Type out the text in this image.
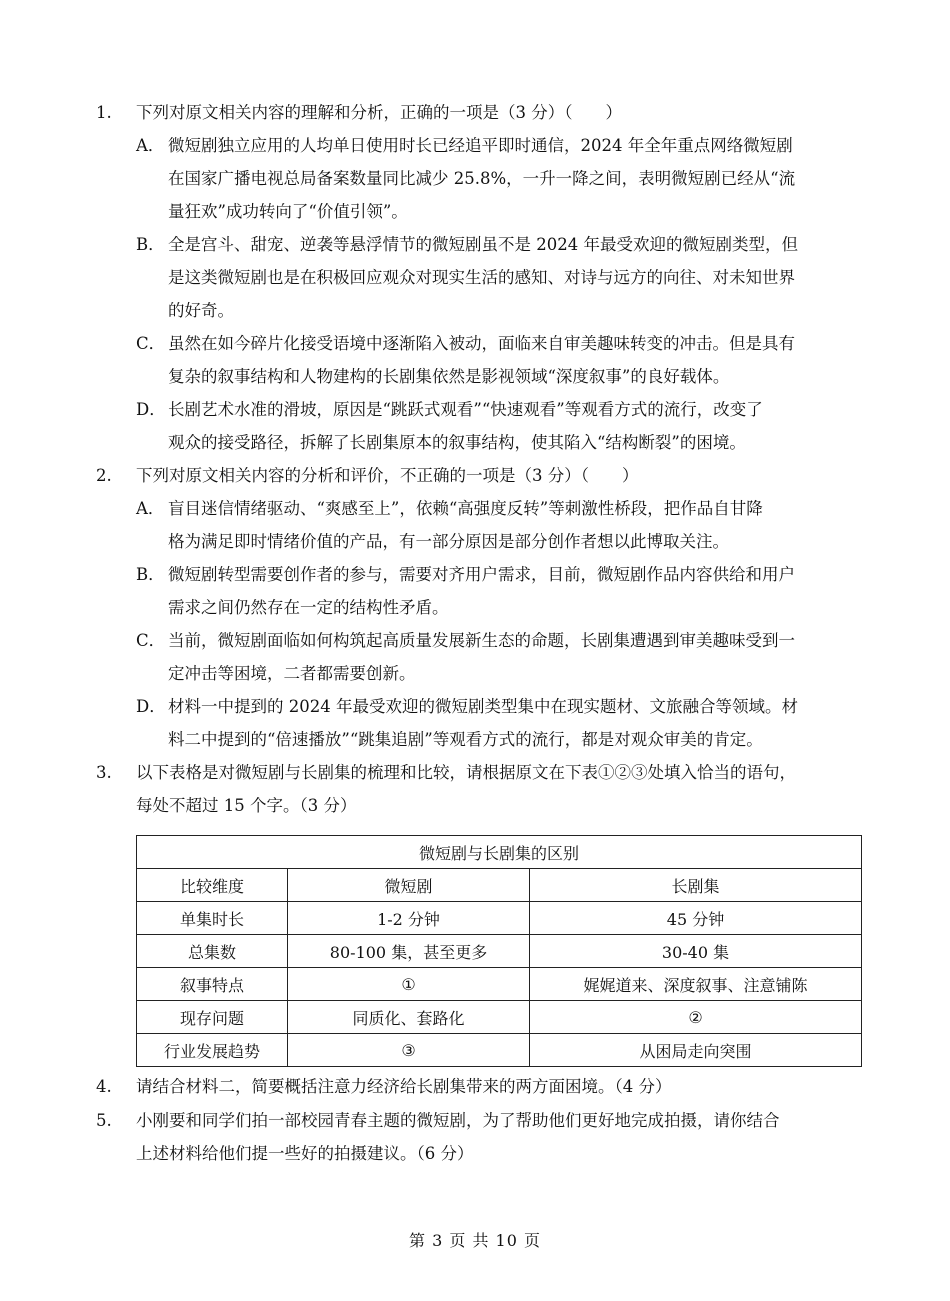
1.	下列对原文相关内容的理解和分析，正确的一项是（3 分）（　　）
A． 微短剧独立应用的人均单日使用时长已经追平即时通信，2024 年全年重点网络微短剧
在国家广播电视总局备案数量同比减少 25.8%，一升一降之间，表明微短剧已经从“流
量狂欢”成功转向了“价值引领”。
B． 全是宫斗、甜宠、逆袭等悬浮情节的微短剧虽不是 2024 年最受欢迎的微短剧类型，但
是这类微短剧也是在积极回应观众对现实生活的感知、对诗与远方的向往、对未知世界
的好奇。
C． 虽然在如今碎片化接受语境中逐渐陷入被动，面临来自审美趣味转变的冲击。但是具有
复杂的叙事结构和人物建构的长剧集依然是影视领域“深度叙事”的良好载体。
D． 长剧艺术水准的滑坡，原因是“跳跃式观看”“快速观看”等观看方式的流行，改变了
观众的接受路径，拆解了长剧集原本的叙事结构，使其陷入“结构断裂”的困境。
2.	下列对原文相关内容的分析和评价，不正确的一项是（3 分）（　　）
A． 盲目迷信情绪驱动、“爽感至上”，依赖“高强度反转”等刺激性桥段，把作品自甘降
格为满足即时情绪价值的产品，有一部分原因是部分创作者想以此博取关注。
B． 微短剧转型需要创作者的参与，需要对齐用户需求，目前，微短剧作品内容供给和用户
需求之间仍然存在一定的结构性矛盾。
C． 当前，微短剧面临如何构筑起高质量发展新生态的命题，长剧集遭遇到审美趣味受到一
定冲击等困境，二者都需要创新。
D． 材料一中提到的 2024 年最受欢迎的微短剧类型集中在现实题材、文旅融合等领域。材
料二中提到的“倍速播放”“跳集追剧”等观看方式的流行，都是对观众审美的肯定。
3.	以下表格是对微短剧与长剧集的梳理和比较，请根据原文在下表①②③处填入恰当的语句，
每处不超过 15 个字。（3 分）
微短剧与长剧集的区别		
比较维度	微短剧	长剧集
单集时长	1-2 分钟	45 分钟
总集数	80-100 集，甚至更多	30-40 集
叙事特点	①	娓娓道来、深度叙事、注意铺陈
现存问题	同质化、套路化	②
行业发展趋势	③	从困局走向突围
4.	请结合材料二，简要概括注意力经济给长剧集带来的两方面困境。（4 分）
5.	小刚要和同学们拍一部校园青春主题的微短剧，为了帮助他们更好地完成拍摄，请你结合
上述材料给他们提一些好的拍摄建议。（6 分）
第 3 页 共 10 页
